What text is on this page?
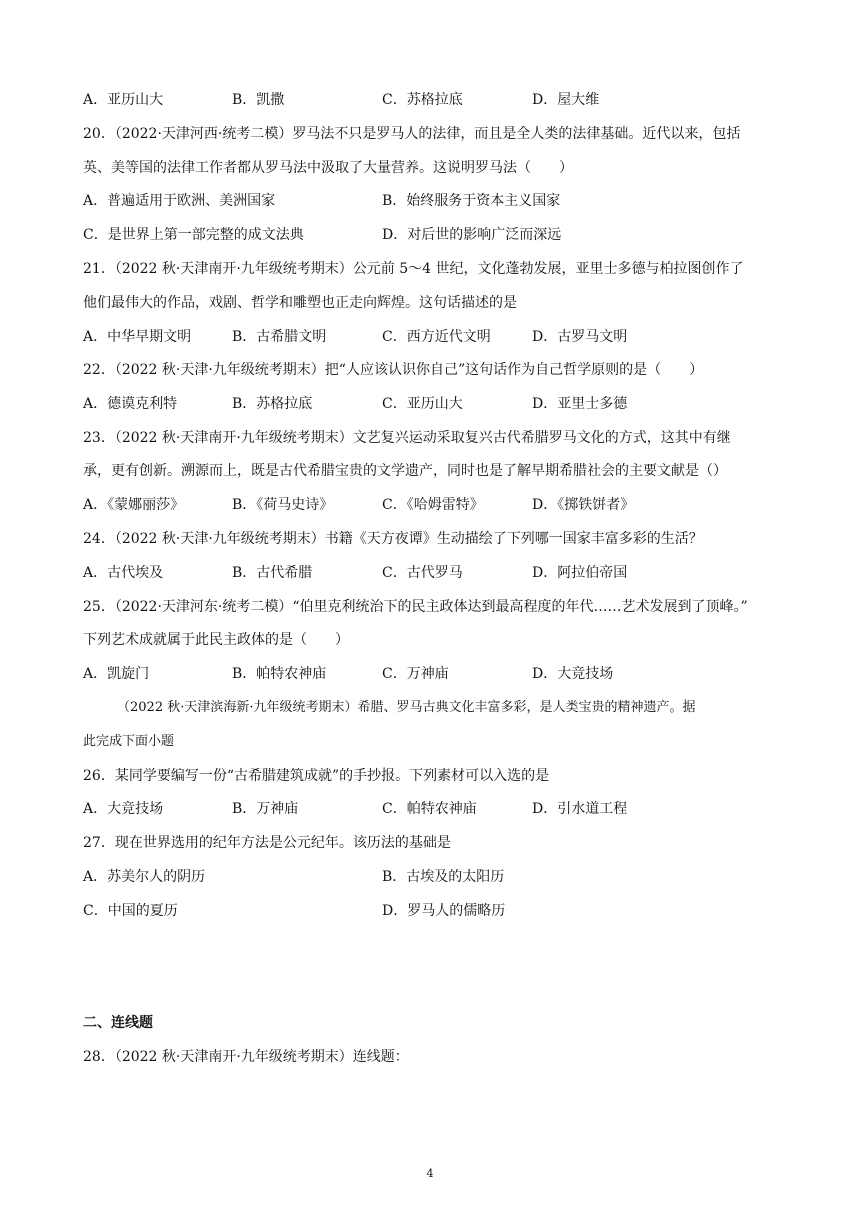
A．亚历山大	B．凯撒	C．苏格拉底	D．屋大维
20．（2022·天津河西·统考二模）罗马法不只是罗马人的法律，而且是全人类的法律基础。近代以来，包括
英、美等国的法律工作者都从罗马法中汲取了大量营养。这说明罗马法（　　）
A．普遍适用于欧洲、美洲国家	B．始终服务于资本主义国家
C．是世界上第一部完整的成文法典	D．对后世的影响广泛而深远
21．（2022 秋·天津南开·九年级统考期末）公元前 5～4 世纪，文化蓬勃发展，亚里士多德与柏拉图创作了
他们最伟大的作品，戏剧、哲学和雕塑也正走向辉煌。这句话描述的是
A．中华早期文明	B．古希腊文明	C．西方近代文明	D．古罗马文明
22．（2022 秋·天津·九年级统考期末）把“人应该认识你自己”这句话作为自己哲学原则的是（　　）
A．德谟克利特	B．苏格拉底	C．亚历山大	D．亚里士多德
23．（2022 秋·天津南开·九年级统考期末）文艺复兴运动采取复兴古代希腊罗马文化的方式，这其中有继
承，更有创新。溯源而上，既是古代希腊宝贵的文学遗产，同时也是了解早期希腊社会的主要文献是（）
A．《蒙娜丽莎》	B．《荷马史诗》	C．《哈姆雷特》	D．《掷铁饼者》
24．（2022 秋·天津·九年级统考期末）书籍《天方夜谭》生动描绘了下列哪一国家丰富多彩的生活？
A．古代埃及	B．古代希腊	C．古代罗马	D．阿拉伯帝国
25．（2022·天津河东·统考二模）“伯里克利统治下的民主政体达到最高程度的年代……艺术发展到了顶峰。”
下列艺术成就属于此民主政体的是（　　）
A．凯旋门	B．帕特农神庙	C．万神庙	D．大竞技场
（2022 秋·天津滨海新·九年级统考期末）希腊、罗马古典文化丰富多彩，是人类宝贵的精神遗产。据
此完成下面小题
26．某同学要编写一份“古希腊建筑成就”的手抄报。下列素材可以入选的是
A．大竞技场	B．万神庙	C．帕特农神庙	D．引水道工程
27．现在世界选用的纪年方法是公元纪年。该历法的基础是
A．苏美尔人的阴历	B．古埃及的太阳历
C．中国的夏历	D．罗马人的儒略历
二、连线题
28．（2022 秋·天津南开·九年级统考期末）连线题：
4
